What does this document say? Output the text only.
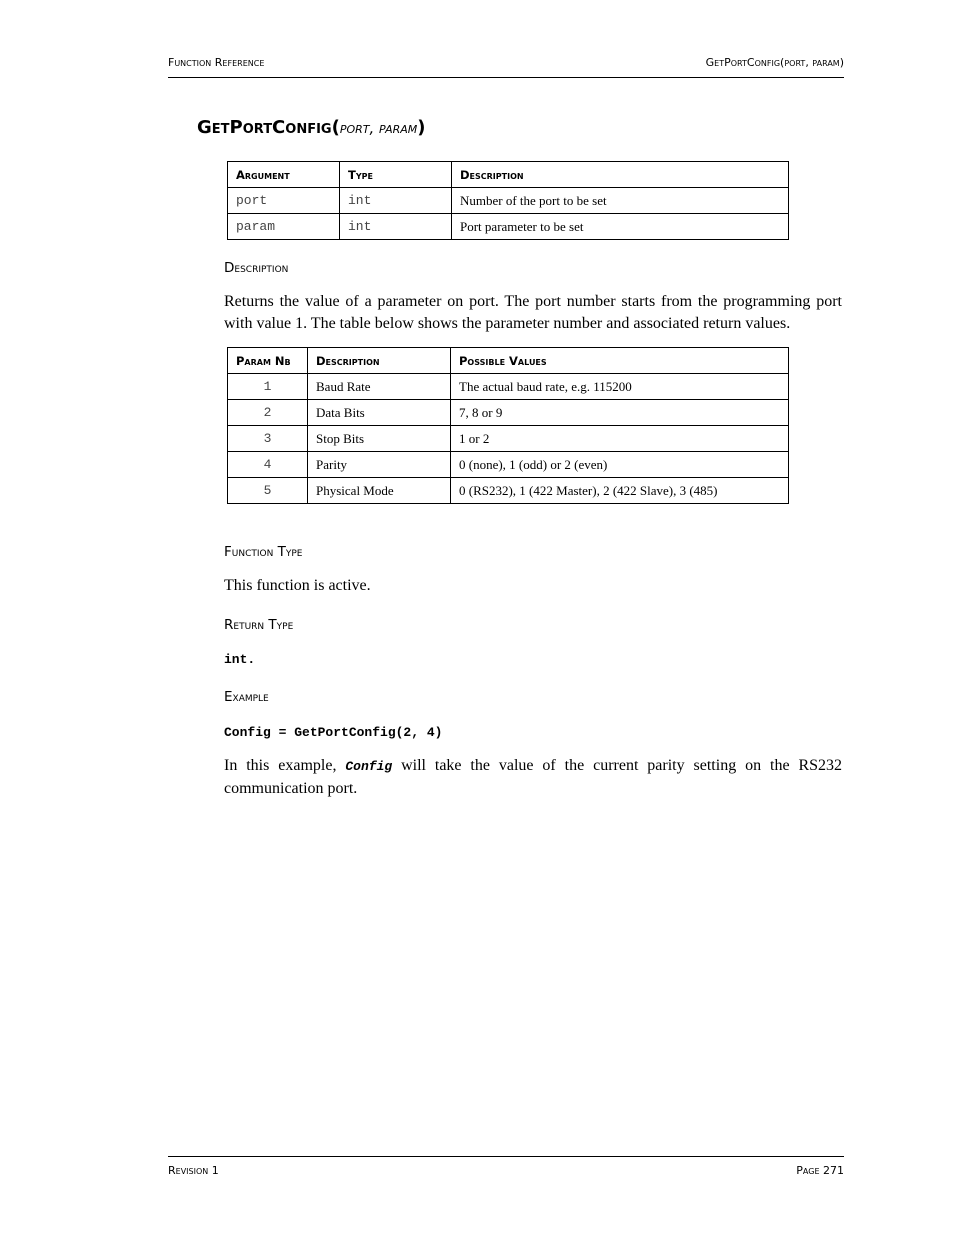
Function Reference	GetPortConfig(port, param)
GetPortConfig(port, param)
Argument	Type	Description
port	int	Number of the port to be set
param	int	Port parameter to be set
Description
Returns the value of a parameter on port. The port number starts from the programming port with value 1. The table below shows the parameter number and associated return values.
Param Nb	Description	Possible Values
1	Baud Rate	The actual baud rate, e.g. 115200
2	Data Bits	7, 8 or 9
3	Stop Bits	1 or 2
4	Parity	0 (none), 1 (odd) or 2 (even)
5	Physical Mode	0 (RS232), 1 (422 Master), 2 (422 Slave), 3 (485)
Function Type
This function is active.
Return Type
int.
Example
Config = GetPortConfig(2, 4)
In this example, Config will take the value of the current parity setting on the RS232 communication port.
Revision 1	Page 271
